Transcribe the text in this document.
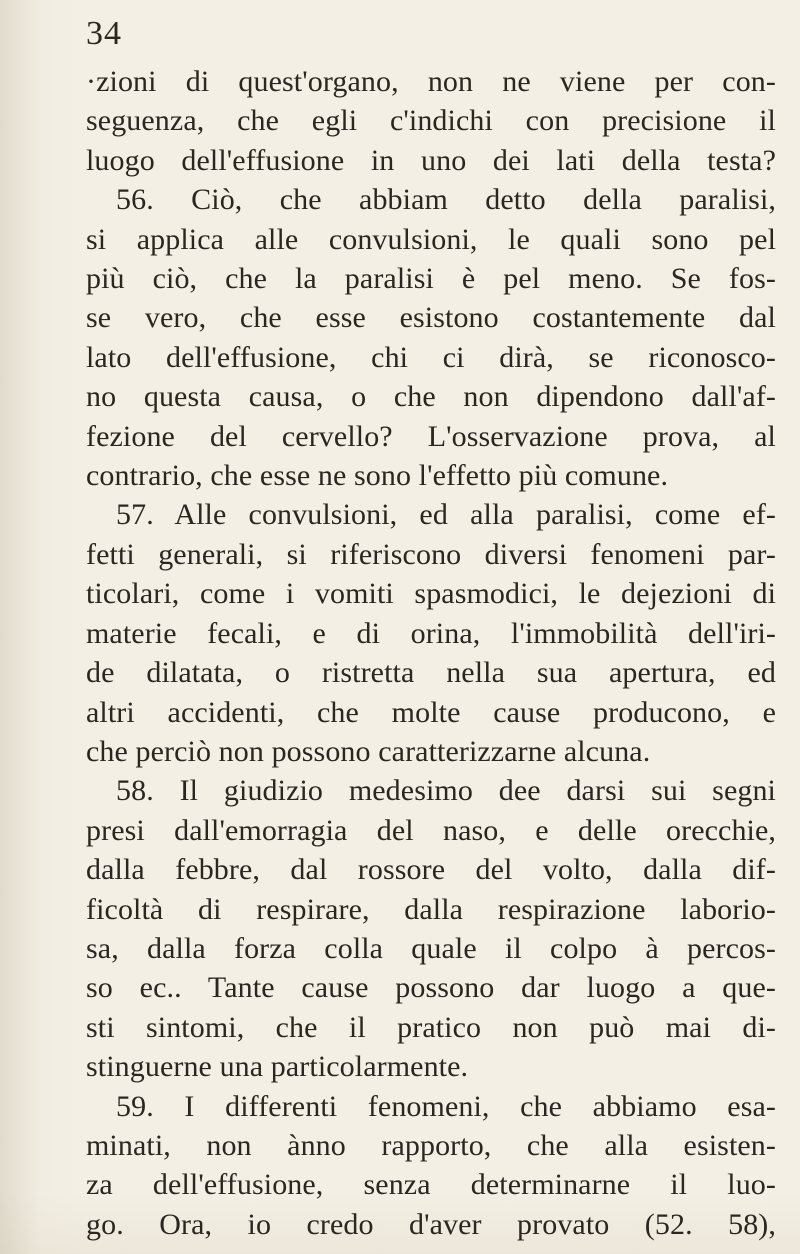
34
·zioni di quest'organo, non ne viene per con-
seguenza, che egli c'indichi con precisione il
luogo dell'effusione in uno dei lati della testa?
56. Ciò, che abbiam detto della paralisi,
si applica alle convulsioni, le quali sono pel
più ciò, che la paralisi è pel meno. Se fos-
se vero, che esse esistono costantemente dal
lato dell'effusione, chi ci dirà, se riconosco-
no questa causa, o che non dipendono dall'af-
fezione del cervello? L'osservazione prova, al
contrario, che esse ne sono l'effetto più comune.
57. Alle convulsioni, ed alla paralisi, come ef-
fetti generali, si riferiscono diversi fenomeni par-
ticolari, come i vomiti spasmodici, le dejezioni di
materie fecali, e di orina, l'immobilità dell'iri-
de dilatata, o ristretta nella sua apertura, ed
altri accidenti, che molte cause producono, e
che perciò non possono caratterizzarne alcuna.
58. Il giudizio medesimo dee darsi sui segni
presi dall'emorragia del naso, e delle orecchie,
dalla febbre, dal rossore del volto, dalla dif-
ficoltà di respirare, dalla respirazione laborio-
sa, dalla forza colla quale il colpo à percos-
so ec.. Tante cause possono dar luogo a que-
sti sintomi, che il pratico non può mai di-
stinguerne una particolarmente.
59. I differenti fenomeni, che abbiamo esa-
minati, non ànno rapporto, che alla esisten-
za dell'effusione, senza determinarne il luo-
go. Ora, io credo d'aver provato (52. 58),
